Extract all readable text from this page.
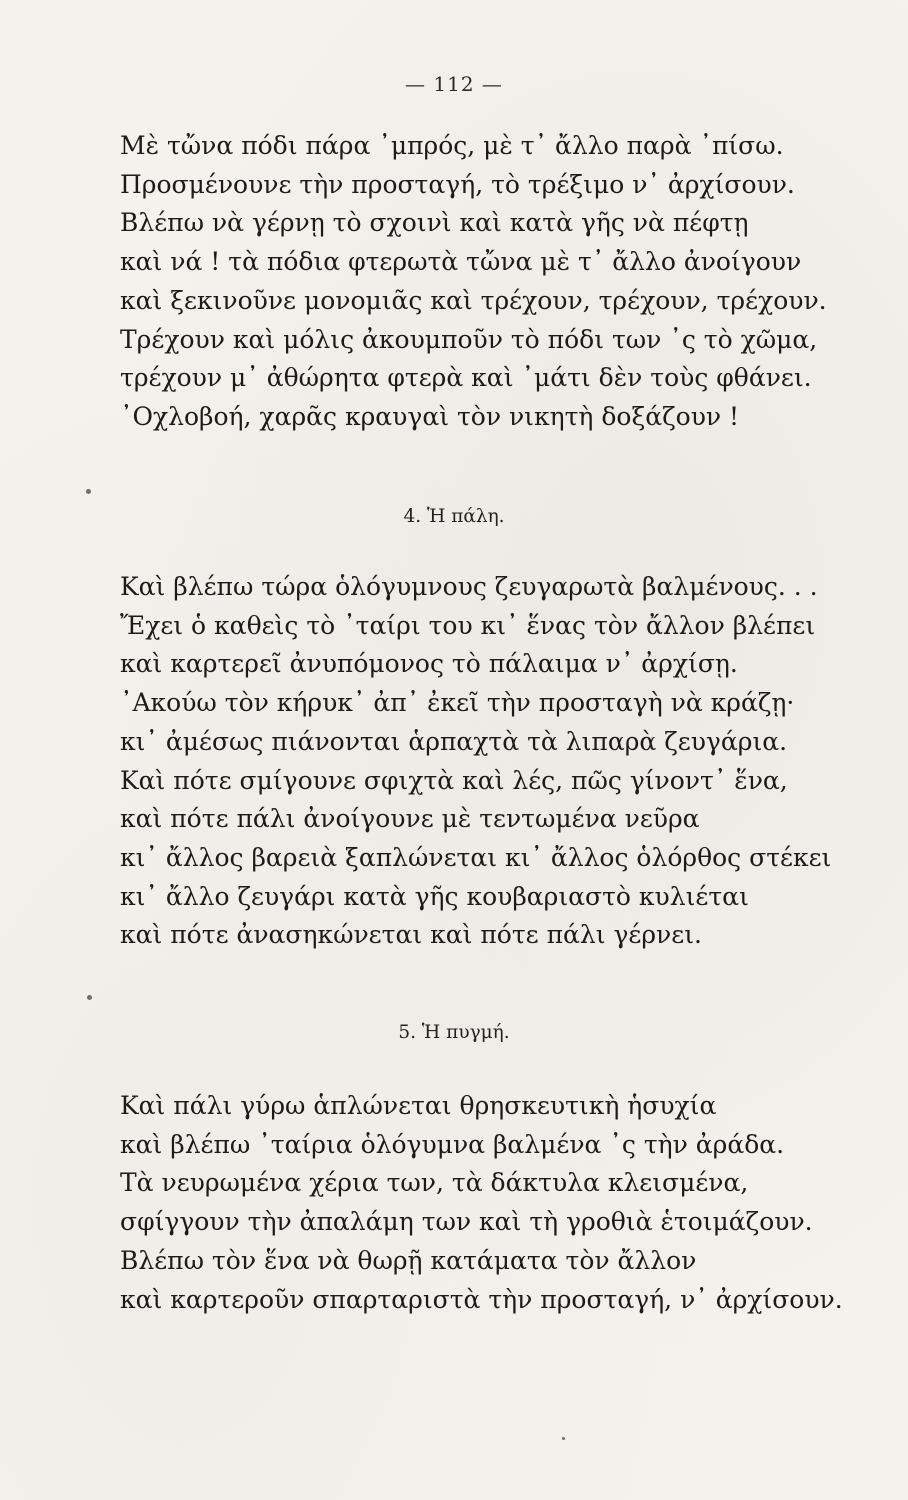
— 112 —

Μὲ τὤνα πόδι πάρα ᾽μπρός, μὲ τ᾽ ἄλλο παρὰ ᾽πίσω.

Προσμένουνε τὴν προσταγή, τὸ τρέξιμο ν᾽ ἀρχίσουν.

Βλέπω νὰ γέρνῃ τὸ σχοινὶ καὶ κατὰ γῆς νὰ πέφτῃ

καὶ νά ! τὰ πόδια φτερωτὰ τὤνα μὲ τ᾽ ἄλλο ἀνοίγουν

καὶ ξεκινοῦνε μονομιᾶς καὶ τρέχουν, τρέχουν, τρέχουν.

Τρέχουν καὶ μόλις ἀκουμποῦν τὸ πόδι των ᾽ς τὸ χῶμα,

τρέχουν μ᾽ ἀθώρητα φτερὰ καὶ ᾽μάτι δὲν τοὺς φθάνει.

᾽Οχλοβοή, χαρᾶς κραυγαὶ τὸν νικητὴ δοξάζουν !

4. Ἡ πάλη.

Καὶ βλέπω τώρα ὁλόγυμνους ζευγαρωτὰ βαλμένους. . .

Ἔχει ὁ καθεὶς τὸ ᾽ταίρι του κι᾽ ἕνας τὸν ἄλλον βλέπει

καὶ καρτερεῖ ἀνυπόμονος τὸ πάλαιμα ν᾽ ἀρχίσῃ.

᾽Ακούω τὸν κήρυκ᾽ ἀπ᾽ ἐκεῖ τὴν προσταγὴ νὰ κράζῃ·

κι᾽ ἀμέσως πιάνονται ἁρπαχτὰ τὰ λιπαρὰ ζευγάρια.

Καὶ πότε σμίγουνε σφιχτὰ καὶ λές, πῶς γίνοντ᾽ ἕνα,

καὶ πότε πάλι ἀνοίγουνε μὲ τεντωμένα νεῦρα

κι᾽ ἄλλος βαρειὰ ξαπλώνεται κι᾽ ἄλλος ὁλόρθος στέκει

κι᾽ ἄλλο ζευγάρι κατὰ γῆς κουβαριαστὸ κυλιέται

καὶ πότε ἀνασηκώνεται καὶ πότε πάλι γέρνει.

5. Ἡ πυγμή.

Καὶ πάλι γύρω ἁπλώνεται θρησκευτικὴ ἡσυχία

καὶ βλέπω ᾽ταίρια ὁλόγυμνα βαλμένα ᾽ς τὴν ἀράδα.

Τὰ νευρωμένα χέρια των, τὰ δάκτυλα κλεισμένα,

σφίγγουν τὴν ἀπαλάμη των καὶ τὴ γροθιὰ ἑτοιμάζουν.

Βλέπω τὸν ἕνα νὰ θωρῇ κατάματα τὸν ἄλλον

καὶ καρτεροῦν σπαρταριστὰ τὴν προσταγή, ν᾽ ἀρχίσουν.
